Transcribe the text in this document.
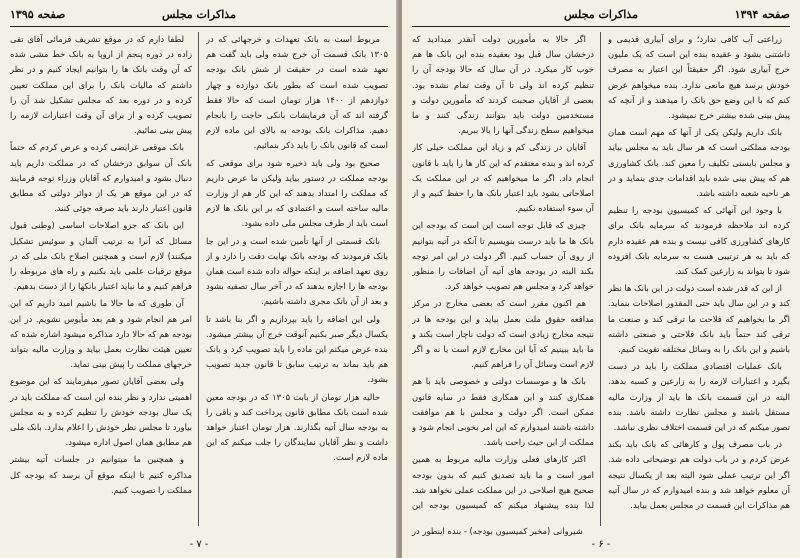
صفحه ۱۳۹۵	مذاکرات مجلس

مربوط است به بانک تعهدات و خرجهائی که در ۱۳۰۵ بانک قسمت آن خرج شده ولی باید گفت هم تعهد شده است در حقیقت از شش بانک بودجه تصویب شده است که بطور بانک دوازده و چهار دوازدهم از ۱۴۰۰ هزار تومان است که حالا فقط گرفته اند که آن فرمایشات بانکی حاجت را بانجام دهیم. مذاکرات بانک بودجه به بالای این ماده لازم است که قانون بانک را باید ذکر بنمائیم.

صحیح بود ولی باید ذخیره شود برای موقعی که بودجه مملکت در دستور بیاید ولیکن ما عرض داریم که مملکت را امتداد بدهند که این کار هم از وزارت مالیه ساخته است و اعتمادی که بر این بانک ها لازم است باید از طرف مجلس ملی داده بشود.

بانک قسمتی از آنها تأمین شده است و در این جا بانک فرمودند که بودجه بانک نهایت دقت را دارد و از روی تعهد اضافه بر اینکه حواله داده شده است همان بودجه ها را اجازه بدهند که در آخر سال تصفیه بشود و بعد از آن بانک مجری داشته باشیم.

ولی این اضافه را باید بپردازیم و اگر بنا باشد تا یکسال دیگر صبر بکنیم آنوقت خرج آن بیشتر میشود. بنده عرض میکنم این ماده را باید تصویب کرد و بانک هم باید بماند به ترتیب سابق تا قانون جدید تصویب بشود.

حالیه هزار تومان از بابت ۱۳۰۵ که در بودجه معین شده است بانک مطابق قانون پرداخت کند و باقی را به بودجه سال آتیه بگذارند. هزار تومان اعتبار خواهد داشت و نظر آقایان نمایندگان را جلب میکنم که این ماده لازم است.

لطفا دارم که در موقع تشریف فرمائی آقای تقی زاده در دوره پنجم از اروپا به بانک خط مشی شده که آن وقت بانک ها را بتوانیم ایجاد کنیم و در نظر داشتم که مالیات بانک را برای این مملکت تعیین کرده و در دوره بعد که مجلس تشکیل شد آن را تصویب کرده و از برای آن وقت اعتبارات لازمه را پیش بینی نمائیم.

بانک موقعی عرایضی کرده و عرض کردم که حتماً بانک آن سوابق درخشان که در مملکت داریم باید دنبال بشود و امیدوارم که آقایان وزراء توجه فرمایند که در این موقع هر یک از دوائر دولتی که مطابق قانون اعتبار دارند باید صرفه جوئی کنند.

این بانک که جزو اصلاحات اساسی (وطنی قبول مسائل که آنرا به ترتیب آلمان و سوئیس تشکیل میکنند) لازم است و همچنین اصلاح بانک ملی که در موقع ترقیات علمی باید بکنیم و راه های مربوطه را فراهم کنیم و ما نباید اعتبار بانکها را از دست بدهیم.

آن طوری که ما حالا ما باشیم امید داریم که این امر هم انجام شود و هم بعد مأیوس نشویم. در این بودجه هم که حالا دارد مذاکره میشود اشاره شده که تعیین هیئت نظارت بعمل بیاید و وزارت مالیه بتواند خرجهای مملکت را پیش بینی نماید.

ولی بعضی آقایان تصور میفرمایند که این موضوع اهمیتی ندارد و نظر بنده این است که مملکت باید در یک سال بودجه خودش را تنظیم کرده و به مجلس بیاورد تا مجلس نظر خودش را اعلام بدارد. بانک ملی هم مطابق همان اصول اداره میشود.

و همچنین ما میتوانیم در جلسات آتیه بیشتر مذاکره کنیم تا اینکه موقع آن برسد که بودجه کل مملکت را تصویب کنیم.

- ۷ -
صفحه ۱۳۹۴
مذاکرات مجلس

زراعتی آب کافی ندارد؛ و برای آبیاری قدیمی و داشتنی بشود و عقیده بنده این است که یک ملیون خرج آبیاری شود. اگر حقیقتاً این اعتبار به مصرف خودش برسد هیچ مانعی ندارد. بنده میخواهم عرض کنم که با این وضع حق بانک را میدهند و از آنچه که پیش بینی شده بیشتر خرج نمیشود.

بانک داریم ولیکن یکی از آنها که مهم است همان بودجه مملکتی است که هر سال باید به مجلس بیاید و مجلس بایستی تکلیف را معین کند. بانک کشاورزی هم که پیش بینی شده باید اقدامات جدی بنماید و در هر ناحیه شعبه داشته باشد.

با وجود این آنهائی که کمیسیون بودجه را تنظیم کرده اند ملاحظه فرمودند که سرمایه بانک برای کارهای کشاورزی کافی نیست و بنده هم عقیده دارم که باید به هر ترتیبی هست به سرمایه بانک افزوده شود تا بتواند به زارعین کمک کند.

از این که قدر شده است دولت در این بانک ها نظر کند و در این سال باید حتی المقدور اصلاحات بنماید. اگر ما بخواهیم که فلاحت ما ترقی کند و صنعت ما ترقی کند حتماً باید بانک فلاحتی و صنعتی داشته باشیم و این بانک را به وسائل مختلفه تقویت کنیم.

بانک عملیات اقتصادی مملکت را باید در دست بگیرد و اعتبارات لازمه را به زارعین و کسبه بدهد. البته در این قسمت بانک ها باید از وزارت مالیه مستقل باشند و مجلس نظارت داشته باشد. بنده تصور میکنم که در این قسمت اختلاف نظری نباشد.

در باب مصرف پول و کارهائی که بانک باید بکند عرض کردم و در باب دولت هم توضیحاتی داده شد. اگر این ترتیب عملی شود البته بعد از یکسال نتیجه آن معلوم خواهد شد و بنده امیدوارم که در سال آتیه هم مذاکرات این قسمت در مجلس بعمل بیاید.

اگر حالا به مأمورین دولت آنقدر میدادید که درخشان سال قبل بود بعقیده بنده این بانک ها هم خوب کار میکرد. در آن سال که حالا بودجه آن را تنظیم کرده اند ولی تا آن وقت تمام نشده بود. بعضی از آقایان صحبت کردند که مأمورین دولت و مستخدمین دولت باید بتوانند زندگی کنند و ما میخواهیم سطح زندگی آنها را بالا ببریم.

آقایان در زندگی کم و زیاد این مملکت خیلی کار کرده اند و بنده معتقدم که این کار ها را باید با قانون انجام داد. اگر ما میخواهیم که در این مملکت یک اصلاحاتی بشود باید اعتبار بانک ها را حفظ کنیم و از آن سوء استفاده نکنیم.

چیزی که قابل توجه است این است که بودجه این بانک ها ما باید درست بنویسیم تا آنکه در آتیه بتوانیم از روی آن حساب کنیم. اگر دولت در این امر توجه بکند البته در بودجه های آتیه آن اضافات را منظور خواهد کرد و مجلس هم تصویب خواهد کرد.

هم اکنون مقرر است که بعضی مخارج در مرکز مدافعه حقوق ملت بعمل بیاید و این بودجه ها در نتیجه مخارج زیادی است که دولت ناچار است بکند و ما باید ببینیم که آیا این مخارج لازم است یا نه و اگر لازم است وسائل آن را فراهم کنیم.

بانک ها و موسسات دولتی و خصوصی باید با هم همکاری کنند و این همکاری فقط در سایه قانون ممکن است. اگر دولت و مجلس با هم موافقت داشته باشند امیدوارم که این امر بخوبی انجام شود و مملکت از این حیث راحت باشد.

اکثر کارهای فعلی وزارت مالیه مربوط به همین امور است و ما باید تصدیق کنیم که بدون بودجه صحیح هیچ اصلاحی در این مملکت عملی نخواهد شد. لذا بنده پیشنهاد میکنم که کمیسیون بودجه این

شیروانی (مخبر کمیسیون بودجه) - بنده اینطور در
- ۶ -
